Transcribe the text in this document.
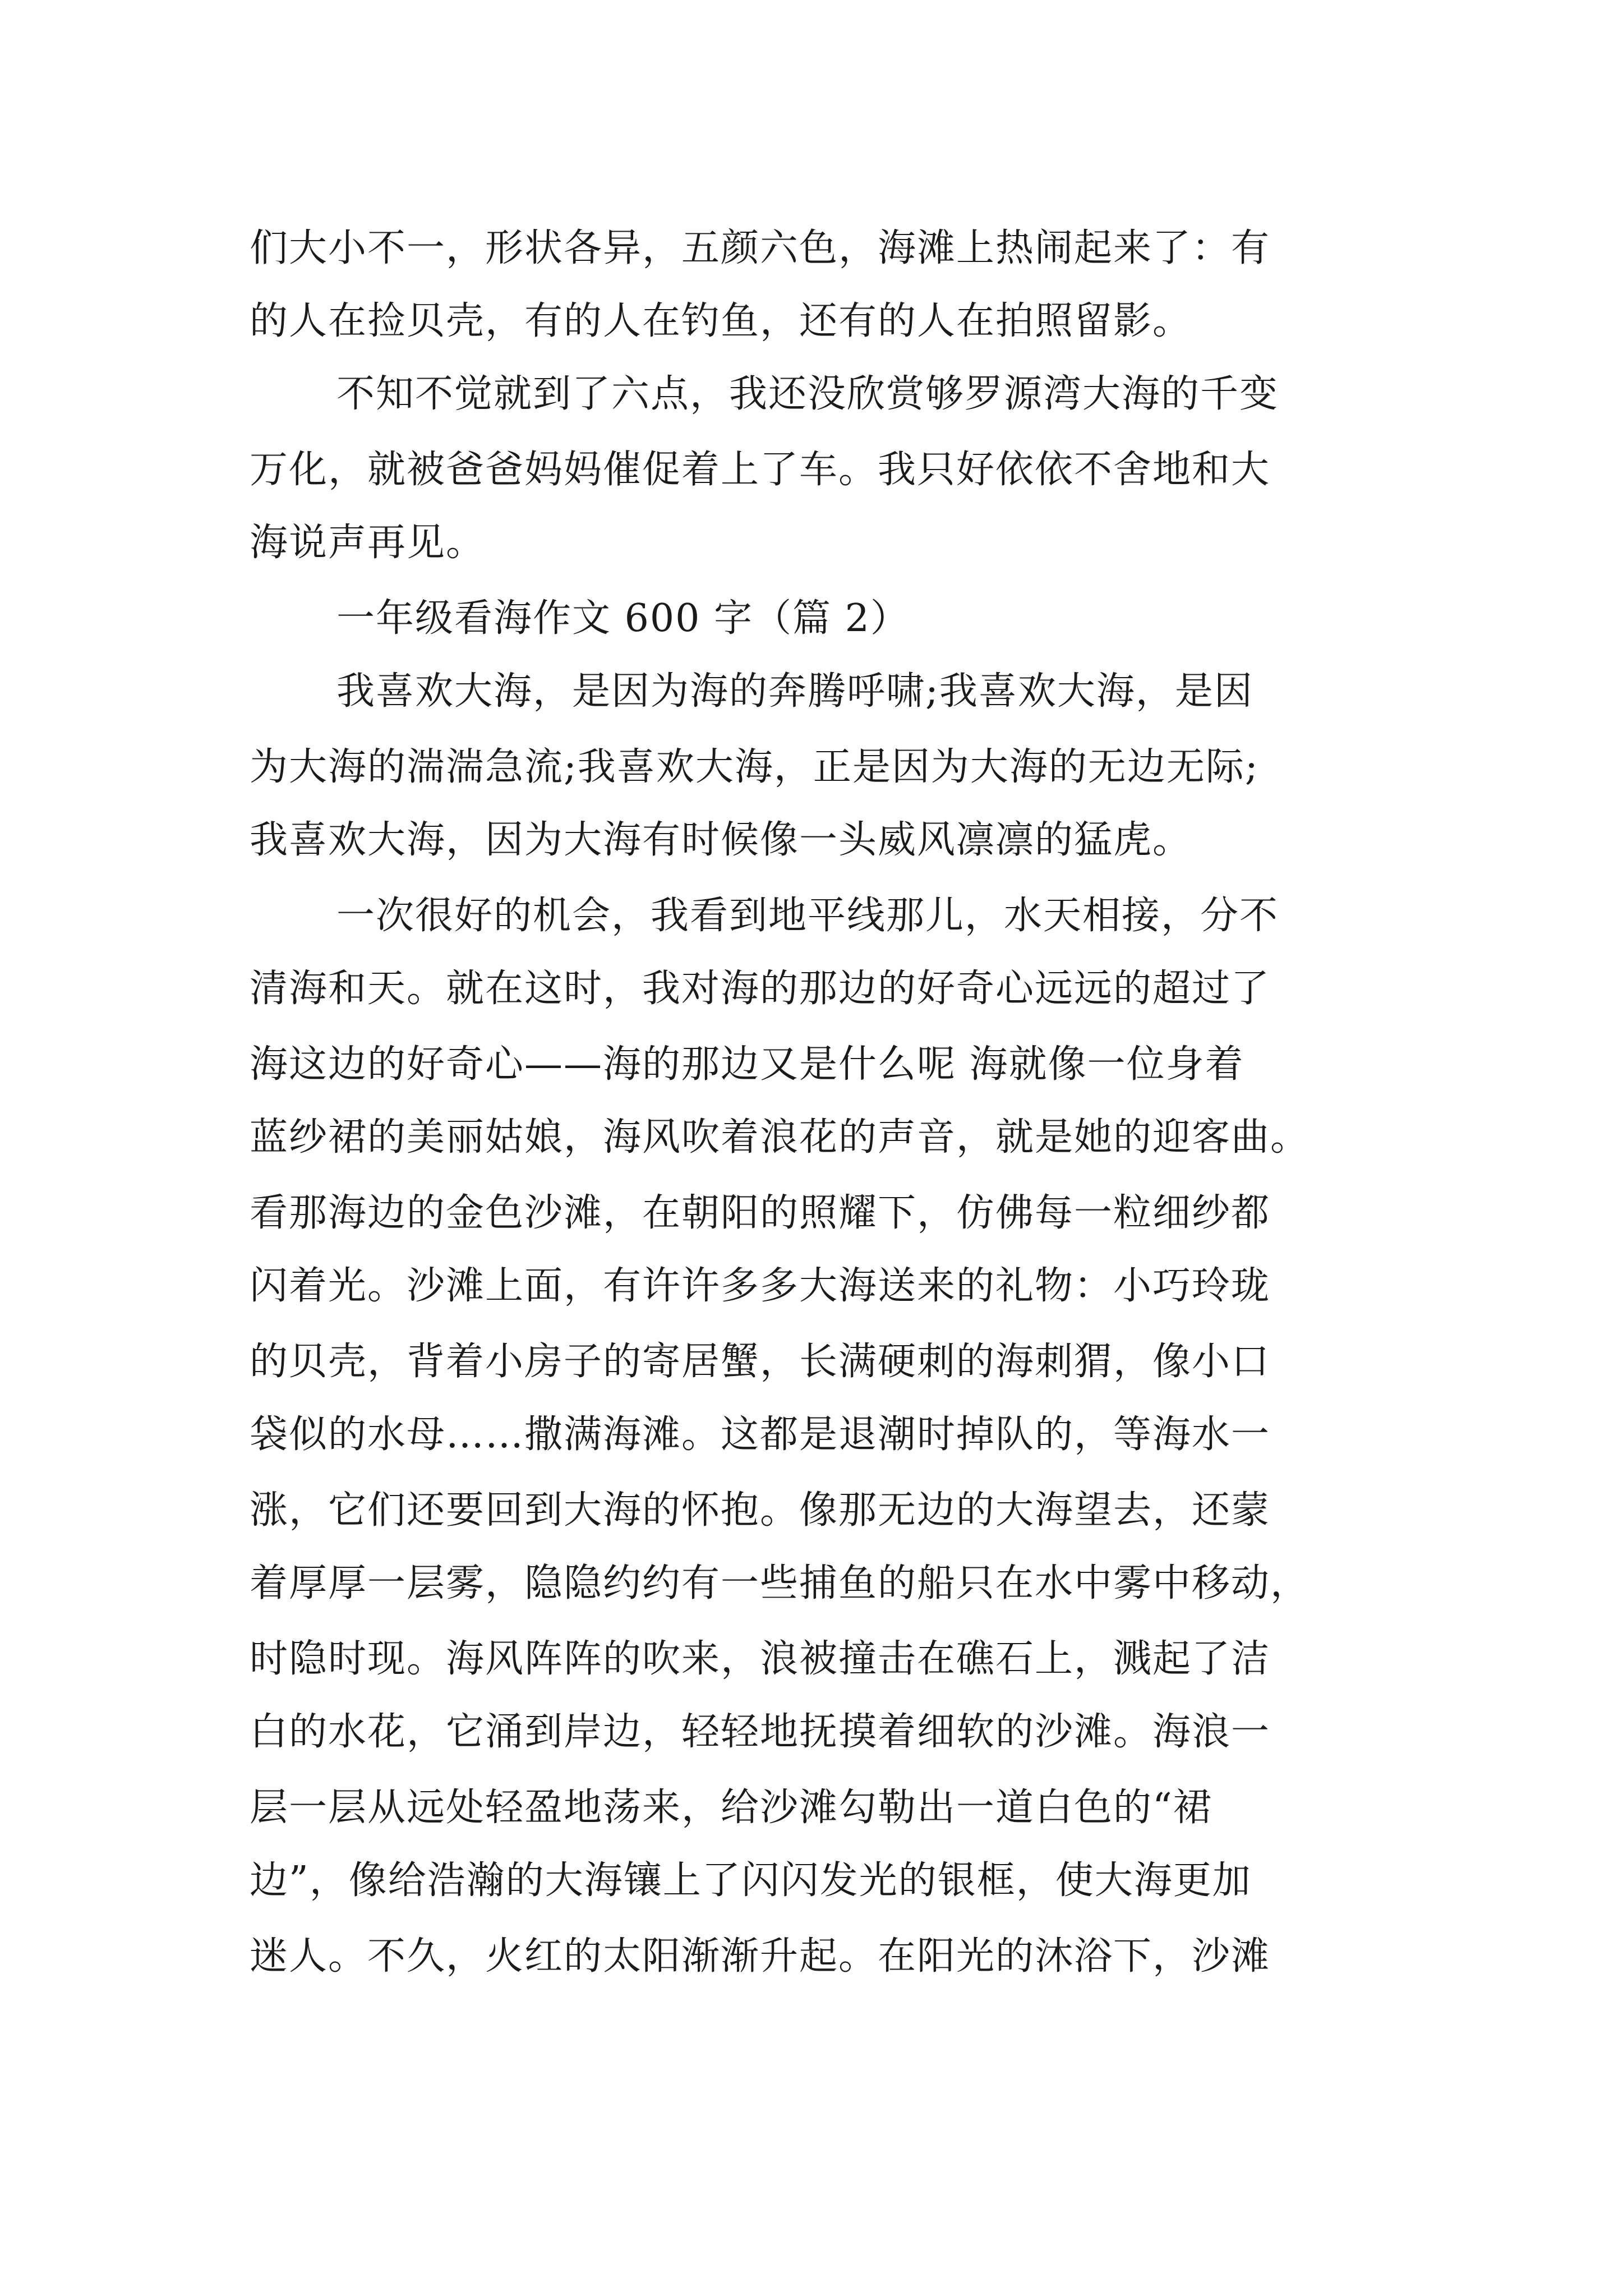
们大小不一，形状各异，五颜六色，海滩上热闹起来了：有
的人在捡贝壳，有的人在钓鱼，还有的人在拍照留影。
不知不觉就到了六点，我还没欣赏够罗源湾大海的千变
万化，就被爸爸妈妈催促着上了车。我只好依依不舍地和大
海说声再见。
一年级看海作文 600 字（篇 2）
我喜欢大海，是因为海的奔腾呼啸;我喜欢大海，是因
为大海的湍湍急流;我喜欢大海，正是因为大海的无边无际;
我喜欢大海，因为大海有时候像一头威风凛凛的猛虎。
一次很好的机会，我看到地平线那儿，水天相接，分不
清海和天。就在这时，我对海的那边的好奇心远远的超过了
海这边的好奇心——海的那边又是什么呢 海就像一位身着
蓝纱裙的美丽姑娘，海风吹着浪花的声音，就是她的迎客曲。
看那海边的金色沙滩，在朝阳的照耀下，仿佛每一粒细纱都
闪着光。沙滩上面，有许许多多大海送来的礼物：小巧玲珑
的贝壳，背着小房子的寄居蟹，长满硬刺的海刺猬，像小口
袋似的水母……撒满海滩。这都是退潮时掉队的，等海水一
涨，它们还要回到大海的怀抱。像那无边的大海望去，还蒙
着厚厚一层雾，隐隐约约有一些捕鱼的船只在水中雾中移动，
时隐时现。海风阵阵的吹来，浪被撞击在礁石上，溅起了洁
白的水花，它涌到岸边，轻轻地抚摸着细软的沙滩。海浪一
层一层从远处轻盈地荡来，给沙滩勾勒出一道白色的“裙
边”，像给浩瀚的大海镶上了闪闪发光的银框，使大海更加
迷人。不久，火红的太阳渐渐升起。在阳光的沐浴下，沙滩
